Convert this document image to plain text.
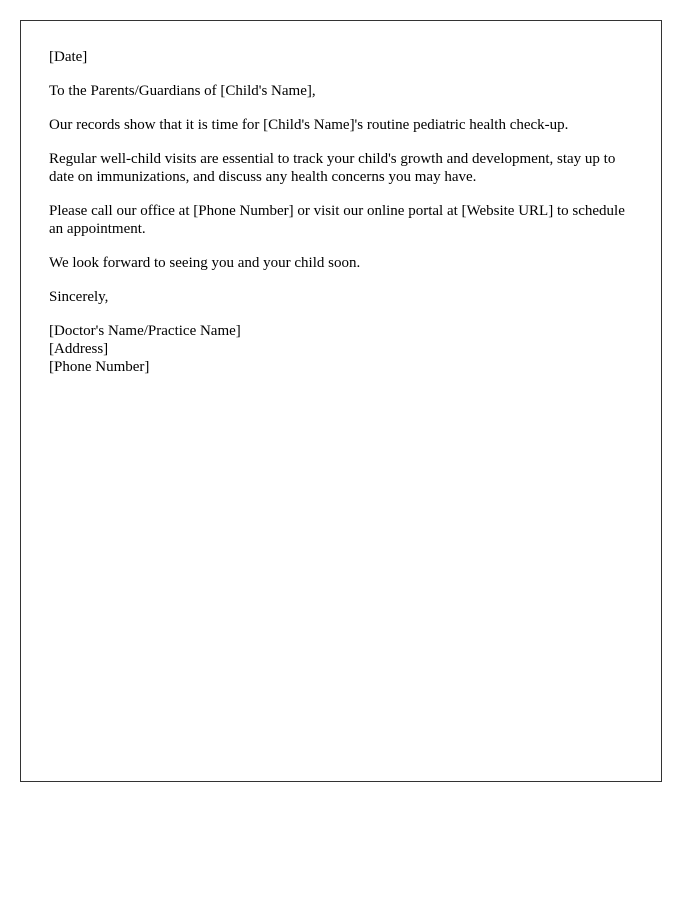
[Date]

To the Parents/Guardians of [Child's Name],

Our records show that it is time for [Child's Name]'s routine pediatric health check-up.

Regular well-child visits are essential to track your child's growth and development, stay up to date on immunizations, and discuss any health concerns you may have.

Please call our office at [Phone Number] or visit our online portal at [Website URL] to schedule an appointment.

We look forward to seeing you and your child soon.

Sincerely,

[Doctor's Name/Practice Name]
[Address]
[Phone Number]
